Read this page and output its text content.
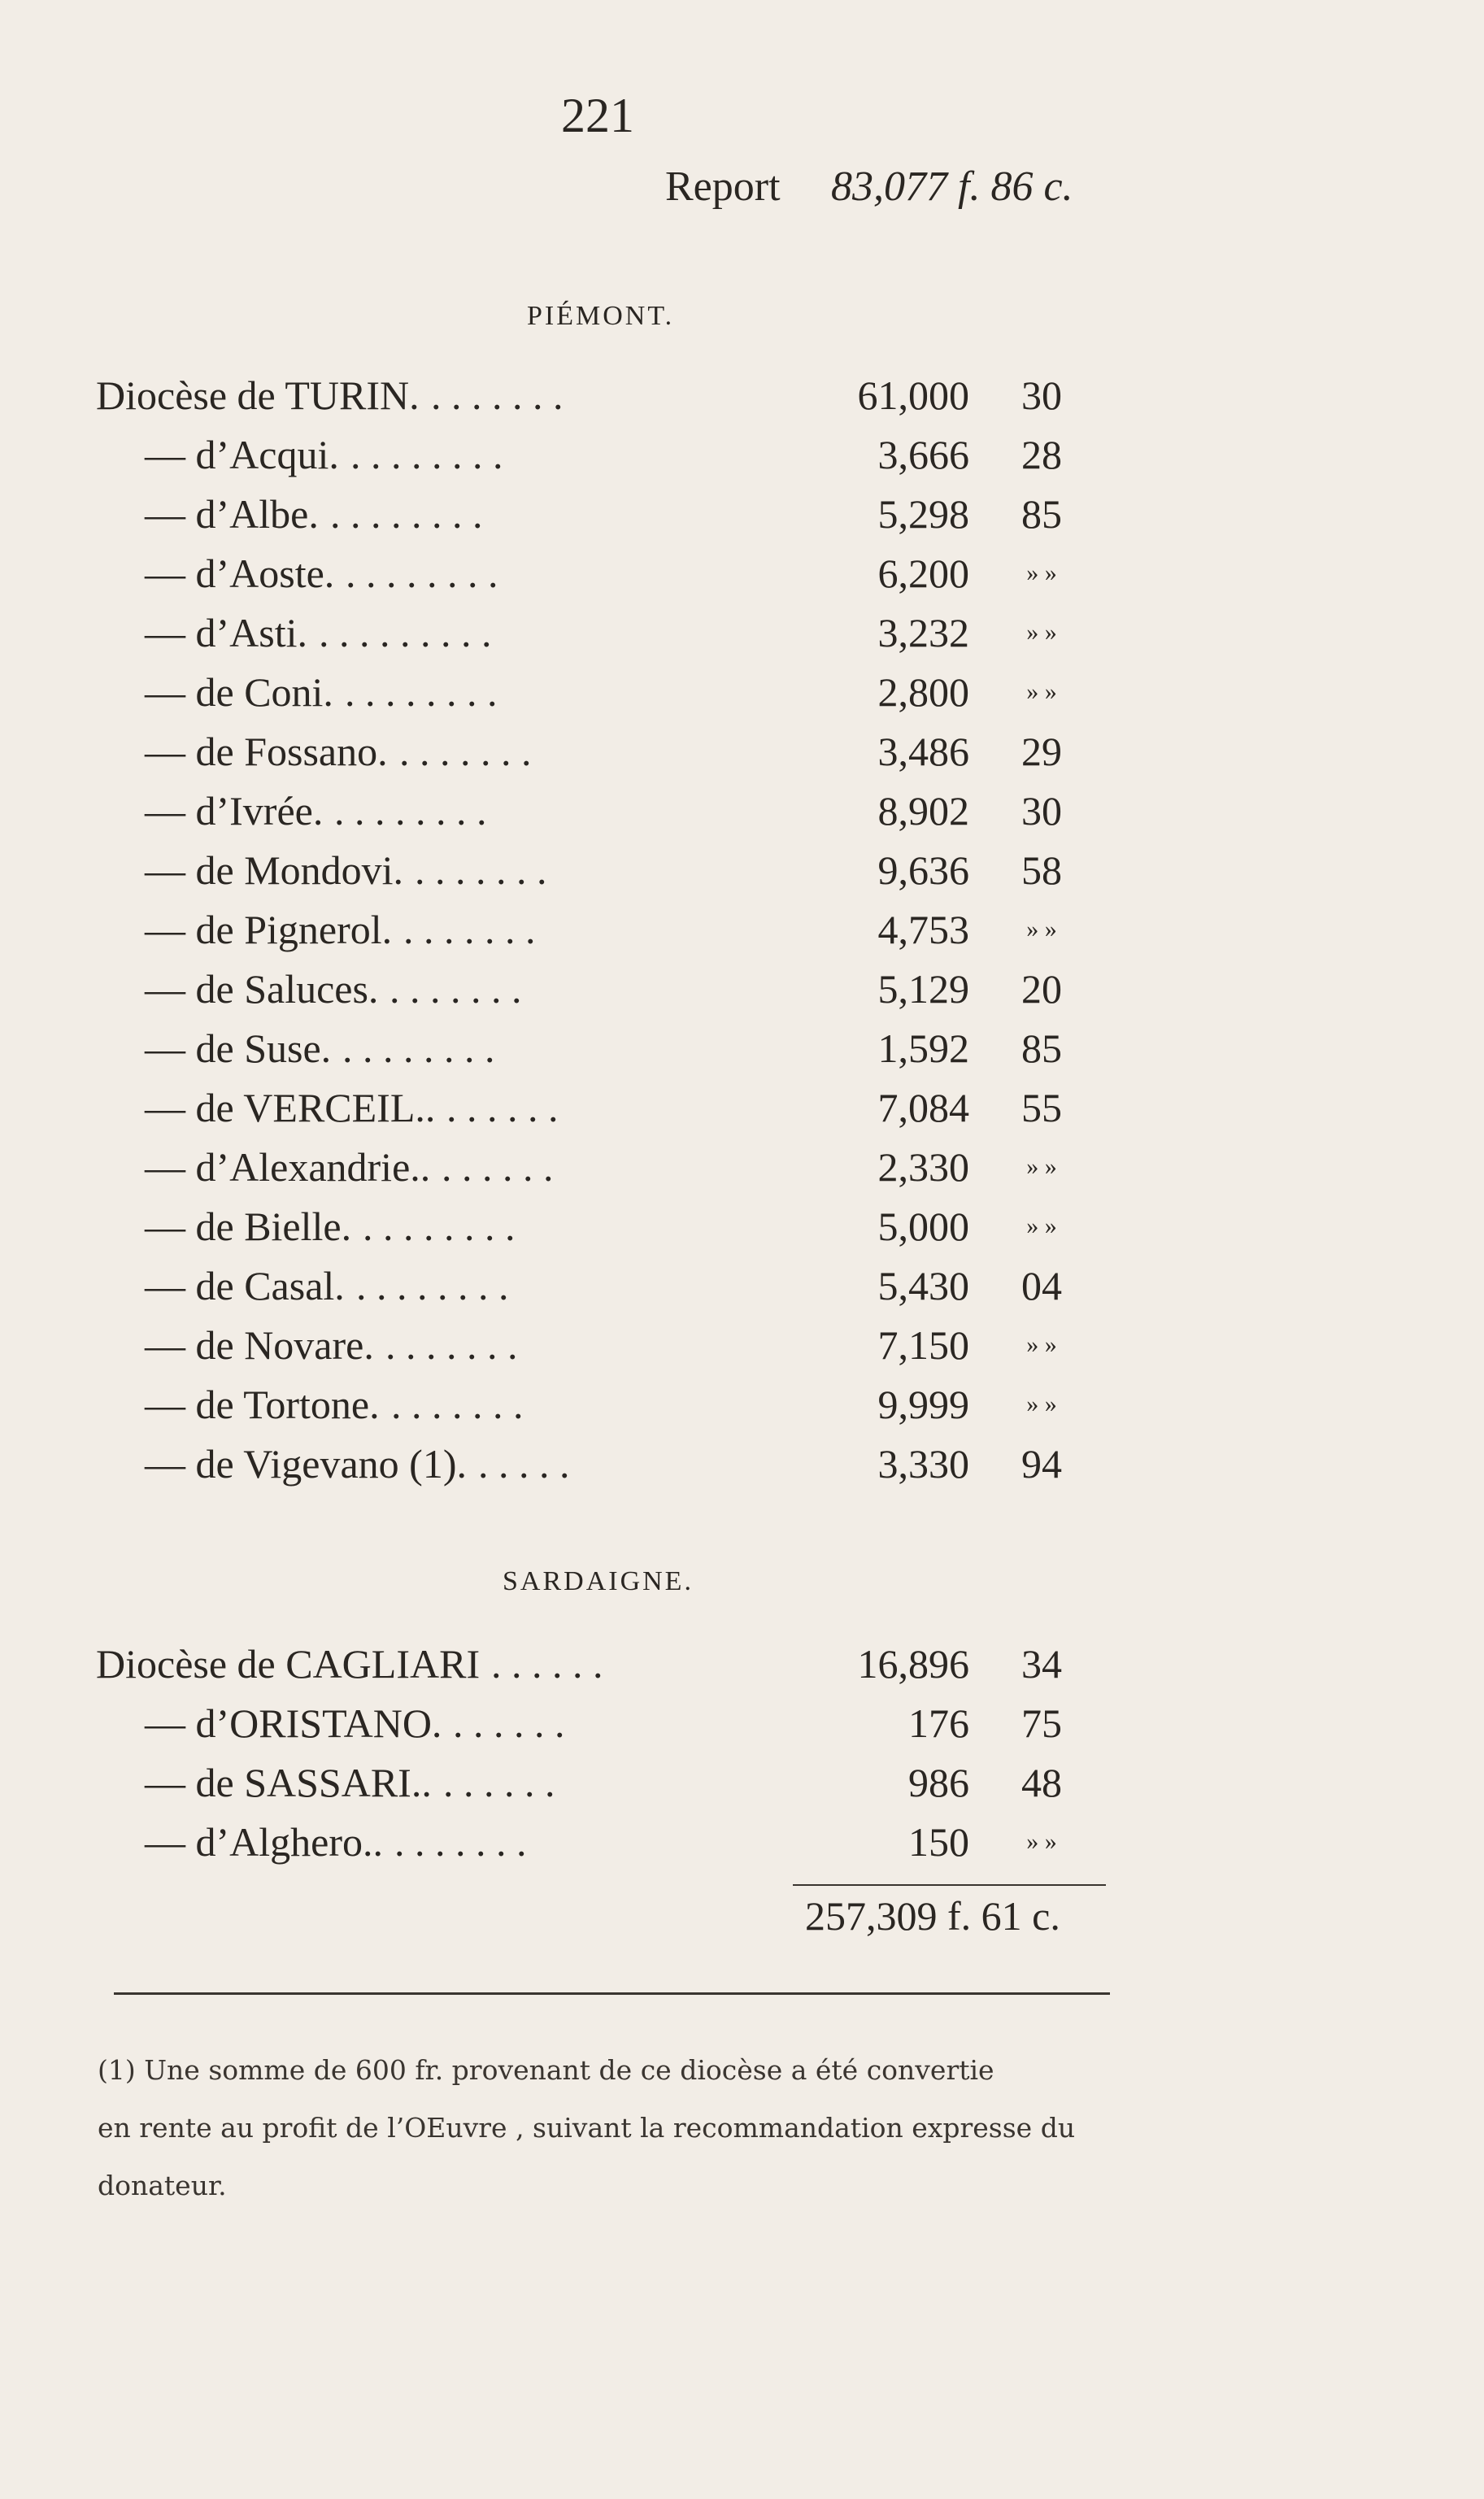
221
Report 83,077 f. 86 c.
PIÉMONT.
Diocèse de TURIN. . . . . . . .	61,000 30
— d’Acqui. . . . . . . . .	3,666 28
— d’Albe. . . . . . . . .	5,298 85
— d’Aoste. . . . . . . . .	6,200	» »
— d’Asti. . . . . . . . . .	3,232	» »
— de Coni. . . . . . . . .	2,800	» »
— de Fossano. . . . . . . .	3,486 29
— d’Ivrée. . . . . . . . .	8,902 30
— de Mondovi. . . . . . . .	9,636 58
— de Pignerol. . . . . . . .	4,753	» »
— de Saluces. . . . . . . .	5,129 20
— de Suse. . . . . . . . .	1,592 85
— de VERCEIL.. . . . . . .	7,084 55
— d’Alexandrie.. . . . . . .	2,330	» »
— de Bielle. . . . . . . . .	5,000	» »
— de Casal. . . . . . . . .	5,430 04
— de Novare. . . . . . . .	7,150	» »
— de Tortone. . . . . . . .	9,999	» »
— de Vigevano (1). . . . . .	3,330 94
SARDAIGNE.
Diocèse de CAGLIARI . . . . . .	16,896 34
— d’ORISTANO. . . . . . .	176 75
— de SASSARI.. . . . . . .	986 48
— d’Alghero.. . . . . . . .	150	» »
257,309 f. 61 c.
(1) Une somme de 600 fr. provenant de ce diocèse a été convertie
en rente au profit de l’OEuvre , suivant la recommandation expresse du
donateur.
